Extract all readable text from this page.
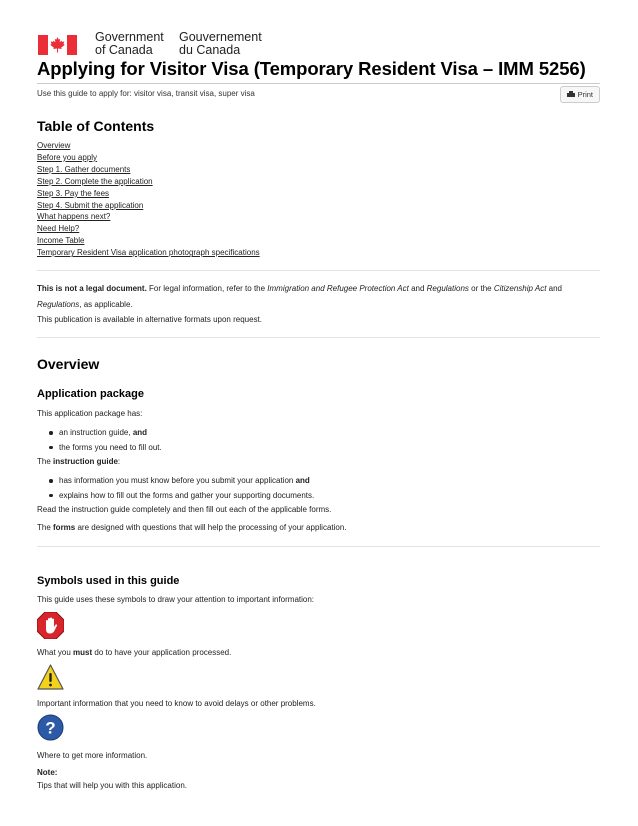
Government
of Canada
Gouvernement
du Canada
Applying for Visitor Visa (Temporary Resident Visa – IMM 5256)
Use this guide to apply for: visitor visa, transit visa, super visa	Print
Table of Contents
Overview
Before you apply
Step 1. Gather documents
Step 2. Complete the application
Step 3. Pay the fees
Step 4. Submit the application
What happens next?
Need Help?
Income Table
Temporary Resident Visa application photograph specifications

This is not a legal document. For legal information, refer to the Immigration and Refugee Protection Act and Regulations or the Citizenship Act and Regulations, as applicable.

This publication is available in alternative formats upon request.

Overview
Application package

This application package has:

an instruction guide, and
the forms you need to fill out.

The instruction guide:

has information you must know before you submit your application and
explains how to fill out the forms and gather your supporting documents.

Read the instruction guide completely and then fill out each of the applicable forms.

The forms are designed with questions that will help the processing of your application.

Symbols used in this guide

This guide uses these symbols to draw your attention to important information:

What you must do to have your application processed.

Important information that you need to know to avoid delays or other problems.

?

Where to get more information.

Note:

Tips that will help you with this application.
